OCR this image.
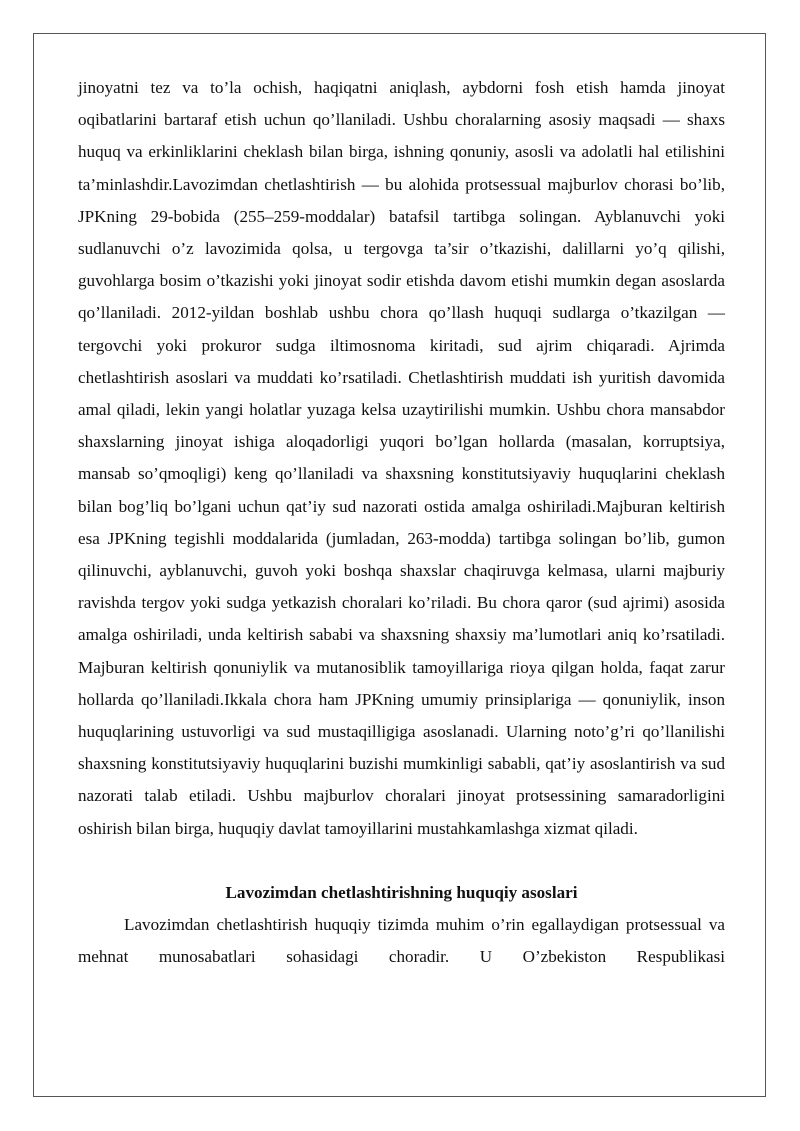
jinoyatni tez va to’la ochish, haqiqatni aniqlash, aybdorni fosh etish hamda jinoyat oqibatlarini bartaraf etish uchun qo’llaniladi. Ushbu choralarning asosiy maqsadi — shaxs huquq va erkinliklarini cheklash bilan birga, ishning qonuniy, asosli va adolatli hal etilishini ta’minlashdir.Lavozimdan chetlashtirish — bu alohida protsessual majburlov chorasi bo’lib, JPKning 29-bobida (255–259-moddalar) batafsil tartibga solingan. Ayblanuvchi yoki sudlanuvchi o’z lavozimida qolsa, u tergovga ta’sir o’tkazishi, dalillarni yo’q qilishi, guvohlarga bosim o’tkazishi yoki jinoyat sodir etishda davom etishi mumkin degan asoslarda qo’llaniladi. 2012-yildan boshlab ushbu chora qo’llash huquqi sudlarga o’tkazilgan — tergovchi yoki prokuror sudga iltimosnoma kiritadi, sud ajrim chiqaradi. Ajrimda chetlashtirish asoslari va muddati ko’rsatiladi. Chetlashtirish muddati ish yuritish davomida amal qiladi, lekin yangi holatlar yuzaga kelsa uzaytirilishi mumkin. Ushbu chora mansabdor shaxslarning jinoyat ishiga aloqadorligi yuqori bo’lgan hollarda (masalan, korruptsiya, mansab so’qmoqligi) keng qo’llaniladi va shaxsning konstitutsiyaviy huquqlarini cheklash bilan bog’liq bo’lgani uchun qat’iy sud nazorati ostida amalga oshiriladi.Majburan keltirish esa JPKning tegishli moddalarida (jumladan, 263-modda) tartibga solingan bo’lib, gumon qilinuvchi, ayblanuvchi, guvoh yoki boshqa shaxslar chaqiruvga kelmasa, ularni majburiy ravishda tergov yoki sudga yetkazish choralari ko’riladi. Bu chora qaror (sud ajrimi) asosida amalga oshiriladi, unda keltirish sababi va shaxsning shaxsiy ma’lumotlari aniq ko’rsatiladi. Majburan keltirish qonuniylik va mutanosiblik tamoyillariga rioya qilgan holda, faqat zarur hollarda qo’llaniladi.Ikkala chora ham JPKning umumiy prinsiplariga — qonuniylik, inson huquqlarining ustuvorligi va sud mustaqilligiga asoslanadi. Ularning noto’g’ri qo’llanilishi shaxsning konstitutsiyaviy huquqlarini buzishi mumkinligi sababli, qat’iy asoslantirish va sud nazorati talab etiladi. Ushbu majburlov choralari jinoyat protsessining samaradorligini oshirish bilan birga, huquqiy davlat tamoyillarini mustahkamlashga xizmat qiladi.

Lavozimdan chetlashtirishning huquqiy asoslari

Lavozimdan chetlashtirish huquqiy tizimda muhim o’rin egallaydigan protsessual va mehnat munosabatlari sohasidagi choradir. U O’zbekiston Respublikasi
